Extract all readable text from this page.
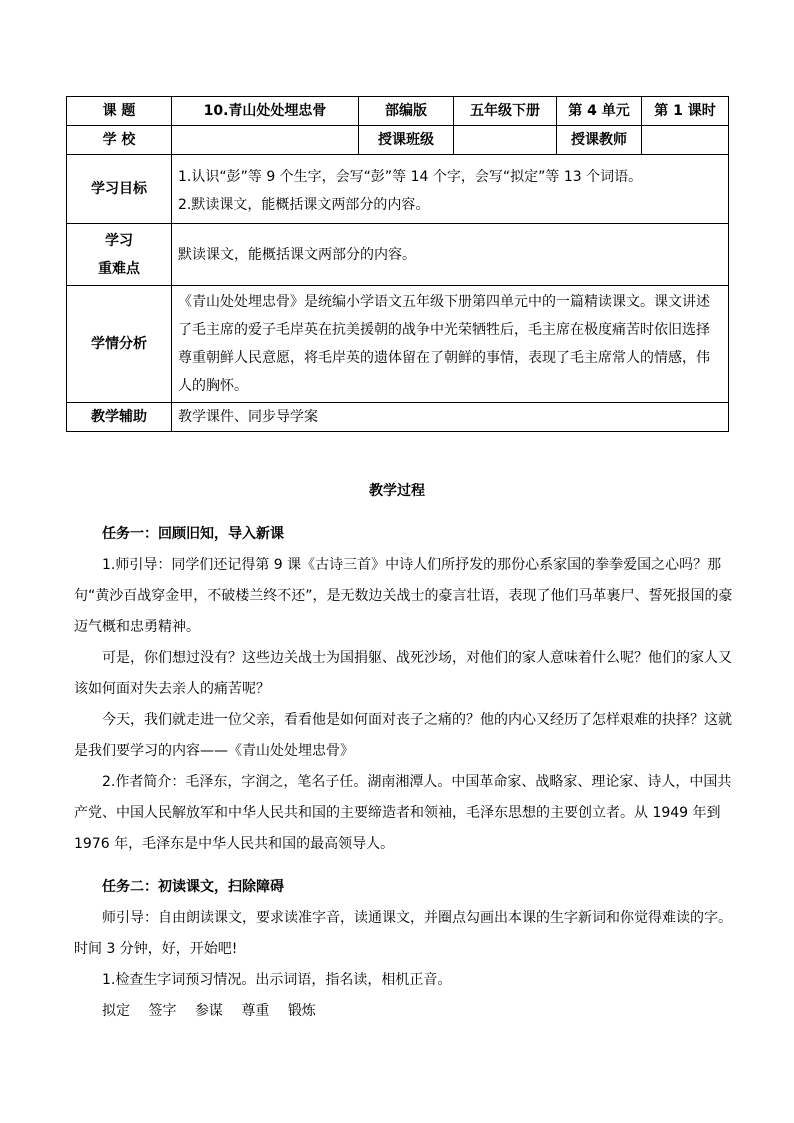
课 题	10.青山处处埋忠骨	部编版	五年级下册	第 4 单元	第 1 课时
学 校		授课班级		授课教师	
学习目标	1.认识“彭”等 9 个生字，会写“彭”等 14 个字，会写“拟定”等 13 个词语。
2.默读课文，能概括课文两部分的内容。				

学习
重难点	默读课文，能概括课文两部分的内容。				
学情分析	《青山处处埋忠骨》是统编小学语文五年级下册第四单元中的一篇精读课文。课文讲述了毛主席的爱子毛岸英在抗美援朝的战争中光荣牺牲后，毛主席在极度痛苦时依旧选择尊重朝鲜人民意愿，将毛岸英的遗体留在了朝鲜的事情，表现了毛主席常人的情感，伟人的胸怀。				
教学辅助	教学课件、同步导学案				
教学过程

任务一：回顾旧知，导入新课

1.师引导：同学们还记得第 9 课《古诗三首》中诗人们所抒发的那份心系家国的拳拳爱国之心吗？那句“黄沙百战穿金甲，不破楼兰终不还”，是无数边关战士的豪言壮语，表现了他们马革裹尸、誓死报国的豪迈气概和忠勇精神。

可是，你们想过没有？这些边关战士为国捐躯、战死沙场，对他们的家人意味着什么呢？他们的家人又该如何面对失去亲人的痛苦呢？

今天，我们就走进一位父亲，看看他是如何面对丧子之痛的？他的内心又经历了怎样艰难的抉择？这就是我们要学习的内容——《青山处处埋忠骨》

2.作者简介：毛泽东，字润之，笔名子任。湖南湘潭人。中国革命家、战略家、理论家、诗人，中国共产党、中国人民解放军和中华人民共和国的主要缔造者和领袖，毛泽东思想的主要创立者。从 1949 年到 1976 年，毛泽东是中华人民共和国的最高领导人。

任务二：初读课文，扫除障碍

师引导：自由朗读课文，要求读准字音，读通课文，并圈点勾画出本课的生字新词和你觉得难读的字。时间 3 分钟，好，开始吧!

1.检查生字词预习情况。出示词语，指名读，相机正音。

拟定 签字 参谋 尊重 锻炼
